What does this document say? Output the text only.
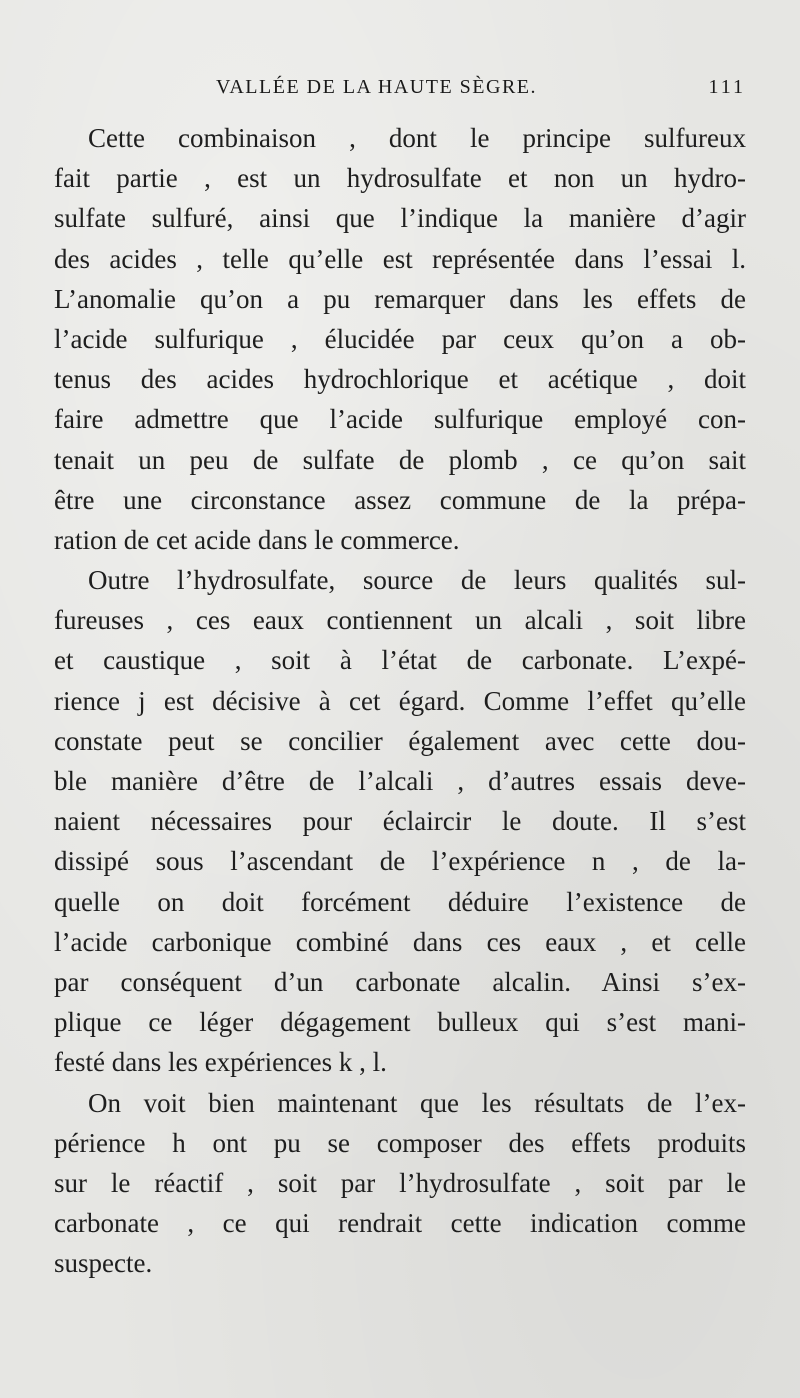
VALLÉE DE LA HAUTE SÈGRE.	111
Cette combinaison , dont le principe sulfureux
fait partie , est un hydrosulfate et non un hydro-
sulfate sulfuré, ainsi que l’indique la manière d’agir
des acides , telle qu’elle est représentée dans l’essai l.
L’anomalie qu’on a pu remarquer dans les effets de
l’acide sulfurique , élucidée par ceux qu’on a ob-
tenus des acides hydrochlorique et acétique , doit
faire admettre que l’acide sulfurique employé con-
tenait un peu de sulfate de plomb , ce qu’on sait
être une circonstance assez commune de la prépa-
ration de cet acide dans le commerce.
Outre l’hydrosulfate, source de leurs qualités sul-
fureuses , ces eaux contiennent un alcali , soit libre
et caustique , soit à l’état de carbonate. L’expé-
rience j est décisive à cet égard. Comme l’effet qu’elle
constate peut se concilier également avec cette dou-
ble manière d’être de l’alcali , d’autres essais deve-
naient nécessaires pour éclaircir le doute. Il s’est
dissipé sous l’ascendant de l’expérience n , de la-
quelle on doit forcément déduire l’existence de
l’acide carbonique combiné dans ces eaux , et celle
par conséquent d’un carbonate alcalin. Ainsi s’ex-
plique ce léger dégagement bulleux qui s’est mani-
festé dans les expériences k , l.
On voit bien maintenant que les résultats de l’ex-
périence h ont pu se composer des effets produits
sur le réactif , soit par l’hydrosulfate , soit par le
carbonate , ce qui rendrait cette indication comme
suspecte.
